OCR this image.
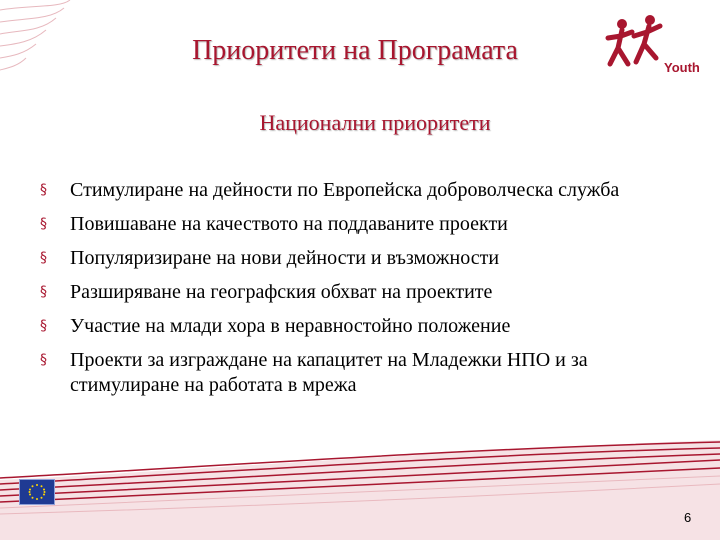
Приоритети на Програмата
Национални приоритети
Youth
§ Стимулиране на дейности по Европейска доброволческа служба
§ Повишаване на качеството на поддаваните проекти
§ Популяризиране на нови дейности и възможности
§ Разширяване на географския обхват на проектите
§ Участие на млади хора в неравностойно положение
§ Проекти за изграждане на капацитет на Младежки НПО и за стимулиране на работата в мрежа
6
